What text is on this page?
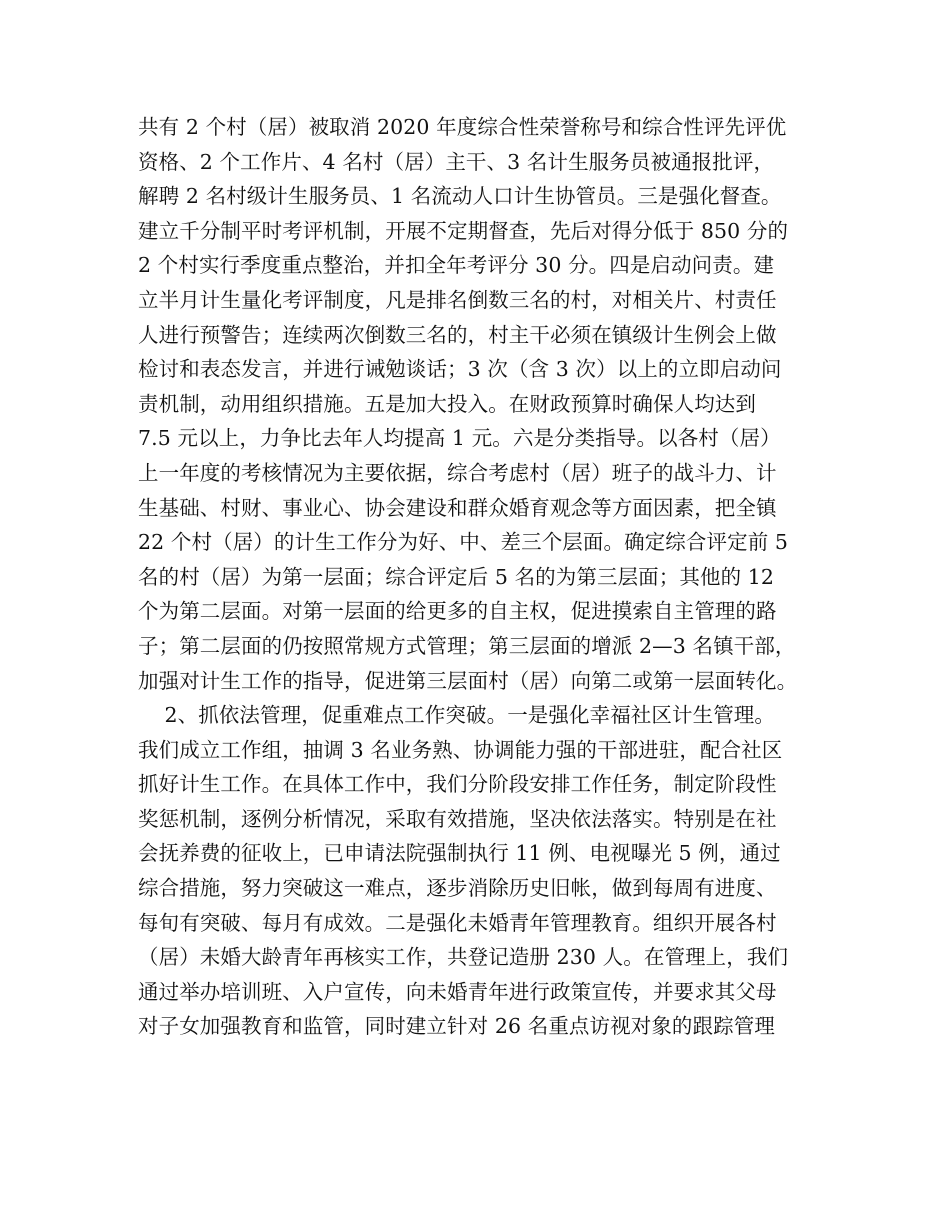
共有 2 个村（居）被取消 2020 年度综合性荣誉称号和综合性评先评优
资格、2 个工作片、4 名村（居）主干、3 名计生服务员被通报批评，
解聘 2 名村级计生服务员、1 名流动人口计生协管员。三是强化督查。
建立千分制平时考评机制，开展不定期督查，先后对得分低于 850 分的
2 个村实行季度重点整治，并扣全年考评分 30 分。四是启动问责。建
立半月计生量化考评制度，凡是排名倒数三名的村，对相关片、村责任
人进行预警告；连续两次倒数三名的，村主干必须在镇级计生例会上做
检讨和表态发言，并进行诫勉谈话；3 次（含 3 次）以上的立即启动问
责机制，动用组织措施。五是加大投入。在财政预算时确保人均达到
7.5 元以上，力争比去年人均提高 1 元。六是分类指导。以各村（居）
上一年度的考核情况为主要依据，综合考虑村（居）班子的战斗力、计
生基础、村财、事业心、协会建设和群众婚育观念等方面因素，把全镇
22 个村（居）的计生工作分为好、中、差三个层面。确定综合评定前 5
名的村（居）为第一层面；综合评定后 5 名的为第三层面；其他的 12
个为第二层面。对第一层面的给更多的自主权，促进摸索自主管理的路
子；第二层面的仍按照常规方式管理；第三层面的增派 2—3 名镇干部，
加强对计生工作的指导，促进第三层面村（居）向第二或第一层面转化。
2、抓依法管理，促重难点工作突破。一是强化幸福社区计生管理。
我们成立工作组，抽调 3 名业务熟、协调能力强的干部进驻，配合社区
抓好计生工作。在具体工作中，我们分阶段安排工作任务，制定阶段性
奖惩机制，逐例分析情况，采取有效措施，坚决依法落实。特别是在社
会抚养费的征收上，已申请法院强制执行 11 例、电视曝光 5 例，通过
综合措施，努力突破这一难点，逐步消除历史旧帐，做到每周有进度、
每旬有突破、每月有成效。二是强化未婚青年管理教育。组织开展各村
（居）未婚大龄青年再核实工作，共登记造册 230 人。在管理上，我们
通过举办培训班、入户宣传，向未婚青年进行政策宣传，并要求其父母
对子女加强教育和监管，同时建立针对 26 名重点访视对象的跟踪管理
